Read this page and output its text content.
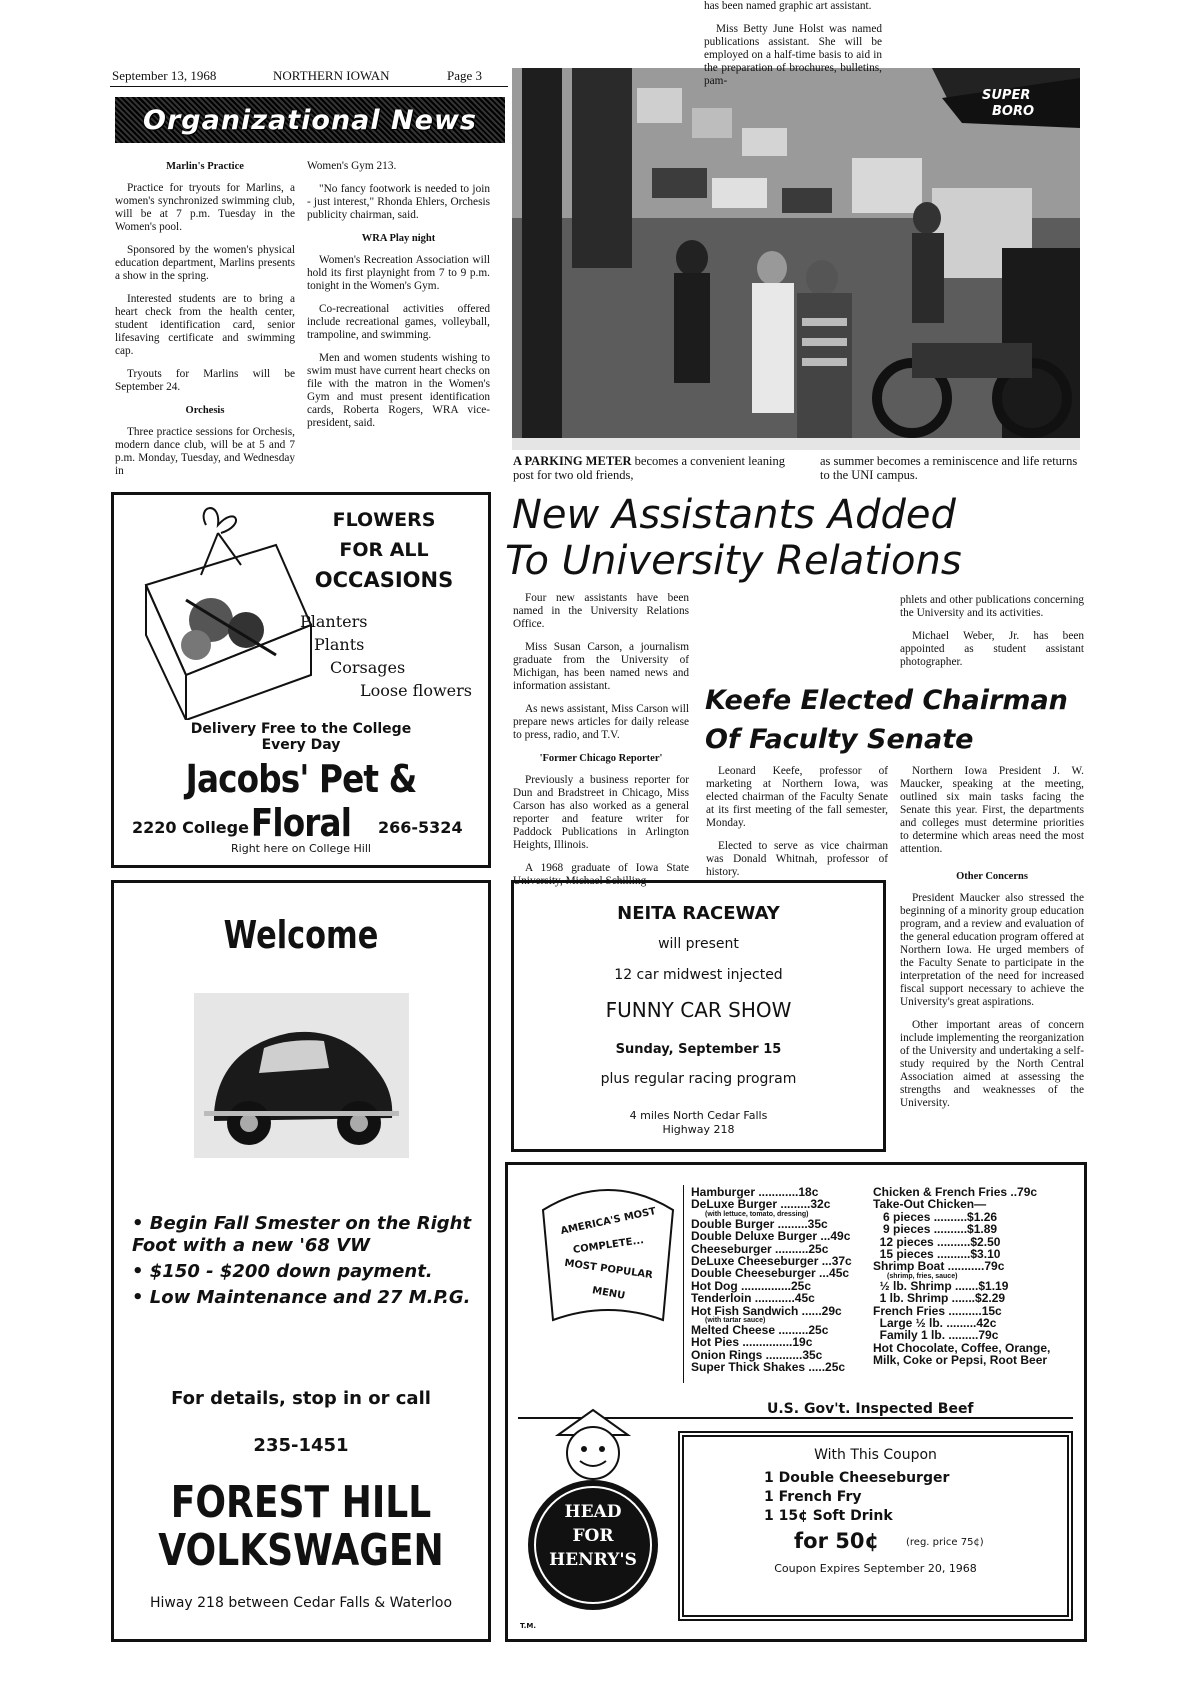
September 13, 1968	NORTHERN IOWAN	Page 3
Organizational News
Marlin's Practice

Practice for tryouts for Marlins, a women's synchronized swimming club, will be at 7 p.m. Tuesday in the Women's pool.

Sponsored by the women's physical education department, Marlins presents a show in the spring.

Interested students are to bring a heart check from the health center, student identification card, senior lifesaving certificate and swimming cap.

Tryouts for Marlins will be September 24.

Orchesis

Three practice sessions for Orchesis, modern dance club, will be at 5 and 7 p.m. Monday, Tuesday, and Wednesday in

Women's Gym 213.

"No fancy footwork is needed to join - just interest," Rhonda Ehlers, Orchesis publicity chairman, said.

WRA Play night

Women's Recreation Association will hold its first playnight from 7 to 9 p.m. tonight in the Women's Gym.

Co-recreational activities offered include recreational games, volleyball, trampoline, and swimming.

Men and women students wishing to swim must have current heart checks on file with the matron in the Women's Gym and must present identification cards, Roberta Rogers, WRA vice-president, said.

SUPER
BORO
A PARKING METER becomes a convenient leaning post for two old friends,
as summer becomes a reminiscence and life returns to the UNI campus.
FLOWERS
FOR ALL
OCCASIONS
Planters
Plants
Corsages
Loose flowers
Delivery Free to the College
Every Day
Jacobs' Pet & Floral
2220 College	266-5324
Right here on College Hill
New Assistants Added
To University Relations

Four new assistants have been named in the University Relations Office.

Miss Susan Carson, a journalism graduate from the University of Michigan, has been named news and information assistant.

As news assistant, Miss Carson will prepare news articles for daily release to press, radio, and T.V.

'Former Chicago Reporter'

Previously a business reporter for Dun and Bradstreet in Chicago, Miss Carson has also worked as a general reporter and feature writer for Paddock Publications in Arlington Heights, Illinois.

A 1968 graduate of Iowa State University, Michael Schilling

has been named graphic art assistant.

Miss Betty June Holst was named publications assistant. She will be employed on a half-time basis to aid in the preparation of brochures, bulletins, pam-

phlets and other publications concerning the University and its activities.

Michael Weber, Jr. has been appointed as student assistant photographer.

Keefe Elected Chairman
Of Faculty Senate

Leonard Keefe, professor of marketing at Northern Iowa, was elected chairman of the Faculty Senate at its first meeting of the fall semester, Monday.

Elected to serve as vice chairman was Donald Whitnah, professor of history.

Northern Iowa President J. W. Maucker, speaking at the meeting, outlined six main tasks facing the Senate this year. First, the departments and colleges must determine priorities to determine which areas need the most attention.

Other Concerns

President Maucker also stressed the beginning of a minority group education program, and a review and evaluation of the general education program offered at Northern Iowa. He urged members of the Faculty Senate to participate in the interpretation of the need for increased fiscal support necessary to achieve the University's great aspirations.

Other important areas of concern include implementing the reorganization of the University and undertaking a self-study required by the North Central Association aimed at assessing the strengths and weaknesses of the University.

Welcome
• Begin Fall Smester on the Right Foot with a new '68 VW
• $150 - $200 down payment.
• Low Maintenance and 27 M.P.G.
For details, stop in or call
235-1451
FOREST HILL
VOLKSWAGEN
Hiway 218 between Cedar Falls & Waterloo
NEITA RACEWAY
will present
12 car midwest injected
FUNNY CAR SHOW
Sunday, September 15
plus regular racing program
4 miles North Cedar Falls
Highway 218
AMERICA'S MOST
COMPLETE...
MOST POPULAR
MENU
Hamburger ............18c
DeLuxe Burger .........32c
(with lettuce, tomato, dressing)
Double Burger .........35c
Double Deluxe Burger ...49c
Cheeseburger ..........25c
DeLuxe Cheeseburger ...37c
Double Cheeseburger ...45c
Hot Dog ...............25c
Tenderloin ............45c
Hot Fish Sandwich ......29c
(with tartar sauce)
Melted Cheese .........25c
Hot Pies ...............19c
Onion Rings ...........35c
Super Thick Shakes .....25c
Chicken & French Fries ..79c
Take-Out Chicken—
6 pieces ..........$1.26
9 pieces ..........$1.89
12 pieces ..........$2.50
15 pieces ..........$3.10
Shrimp Boat ...........79c
(shrimp, fries, sauce)
½ lb. Shrimp .......$1.19
1 lb. Shrimp .......$2.29
French Fries ..........15c
Large ½ lb. .........42c
Family 1 lb. .........79c
Hot Chocolate, Coffee, Orange,
Milk, Coke or Pepsi, Root Beer
U.S. Gov't. Inspected Beef
HEAD
FOR
HENRY'S
T.M.
With This Coupon
1 Double Cheeseburger
1 French Fry
1 15¢ Soft Drink
for 50¢	(reg. price 75¢)
Coupon Expires September 20, 1968
